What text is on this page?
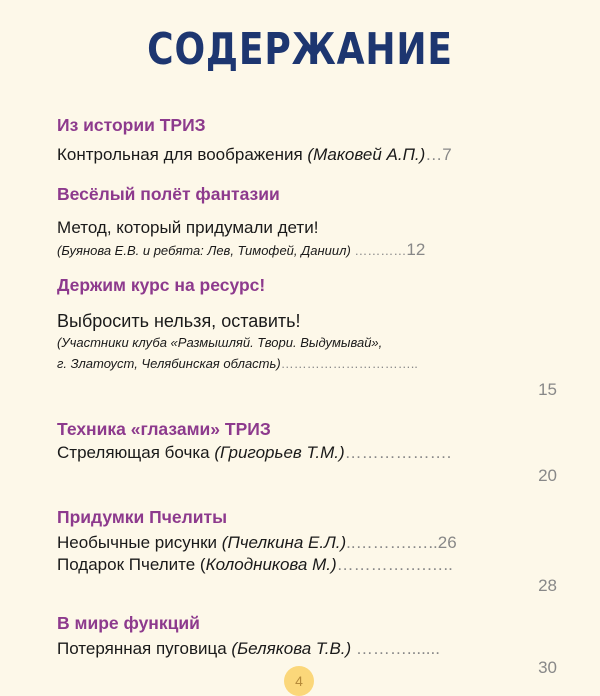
СОДЕРЖАНИЕ
Из истории ТРИЗ
Контрольная для воображения (Маковей А.П.)…7
Весёлый полёт фантазии
Метод, который придумали дети!
(Буянова Е.В. и ребята: Лев, Тимофей, Даниил) …………12
Держим курс на ресурс!
Выбросить нельзя, оставить!
(Участники клуба «Размышляй. Твори. Выдумывай»,
г. Златоуст, Челябинская область)…………………………..
15
Техника «глазами» ТРИЗ
Стреляющая бочка (Григорьев Т.М.)……………….
20
Придумки Пчелиты
Необычные рисунки (Пчелкина Е.Л.)..……….…..26
Подарок Пчелите (Колодникова М.)…………….…..
28
В мире функций
Потерянная пуговица (Белякова Т.В.) ……….......
30
4
